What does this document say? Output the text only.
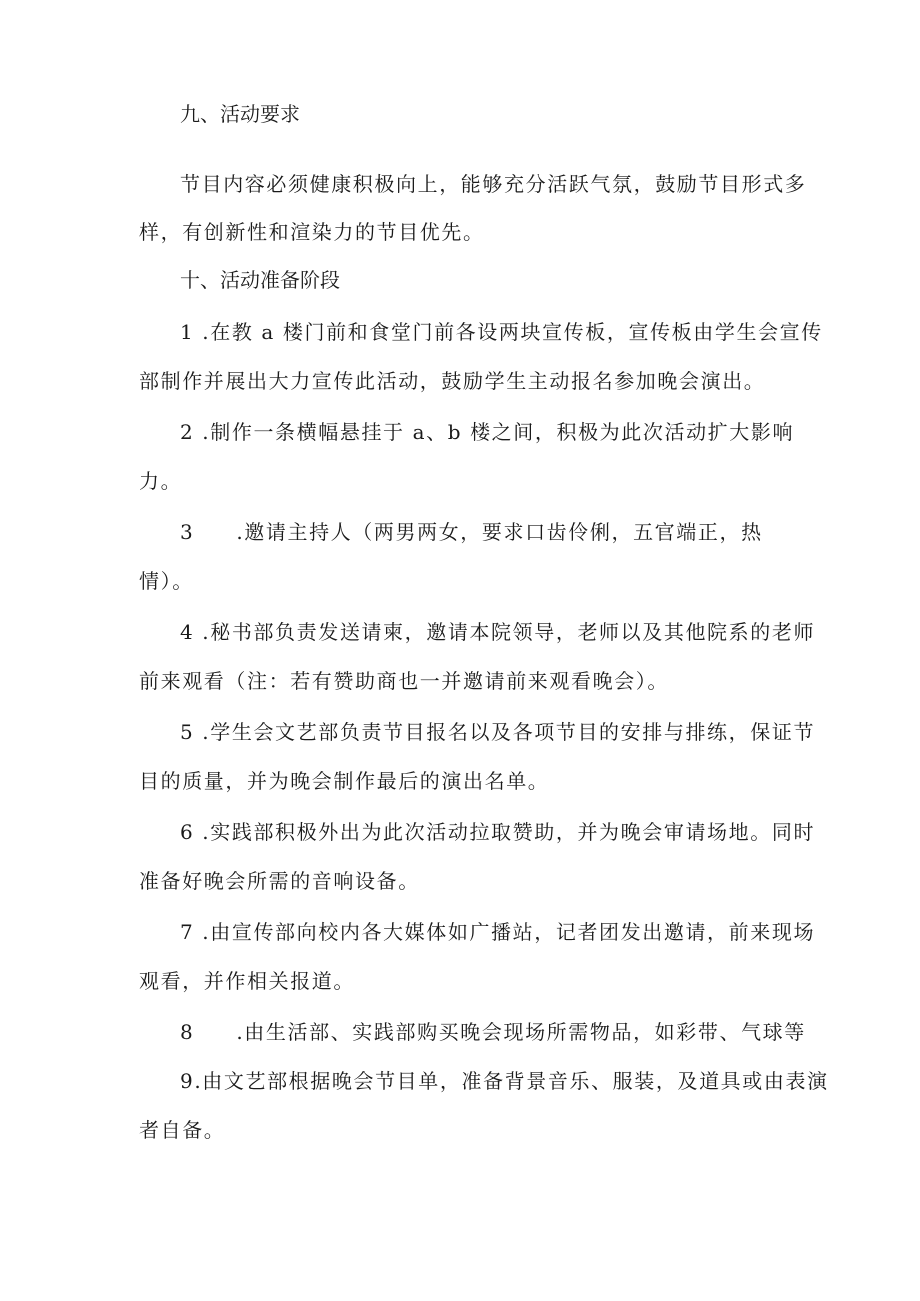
九、活动要求

节目内容必须健康积极向上，能够充分活跃气氛，鼓励节目形式多

样，有创新性和渲染力的节目优先。

十、活动准备阶段

1 .在教 a 楼门前和食堂门前各设两块宣传板，宣传板由学生会宣传

部制作并展出大力宣传此活动，鼓励学生主动报名参加晚会演出。

2 .制作一条横幅悬挂于 a、b 楼之间，积极为此次活动扩大影响

力。

3 .邀请主持人（两男两女，要求口齿伶俐，五官端正，热

情）。

4 .秘书部负责发送请柬，邀请本院领导，老师以及其他院系的老师

前来观看（注：若有赞助商也一并邀请前来观看晚会）。

5 .学生会文艺部负责节目报名以及各项节目的安排与排练，保证节

目的质量，并为晚会制作最后的演出名单。

6 .实践部积极外出为此次活动拉取赞助，并为晚会审请场地。同时

准备好晚会所需的音响设备。

7 .由宣传部向校内各大媒体如广播站，记者团发出邀请，前来现场

观看，并作相关报道。

8 .由生活部、实践部购买晚会现场所需物品，如彩带、气球等

9.由文艺部根据晚会节目单，准备背景音乐、服装，及道具或由表演

者自备。
